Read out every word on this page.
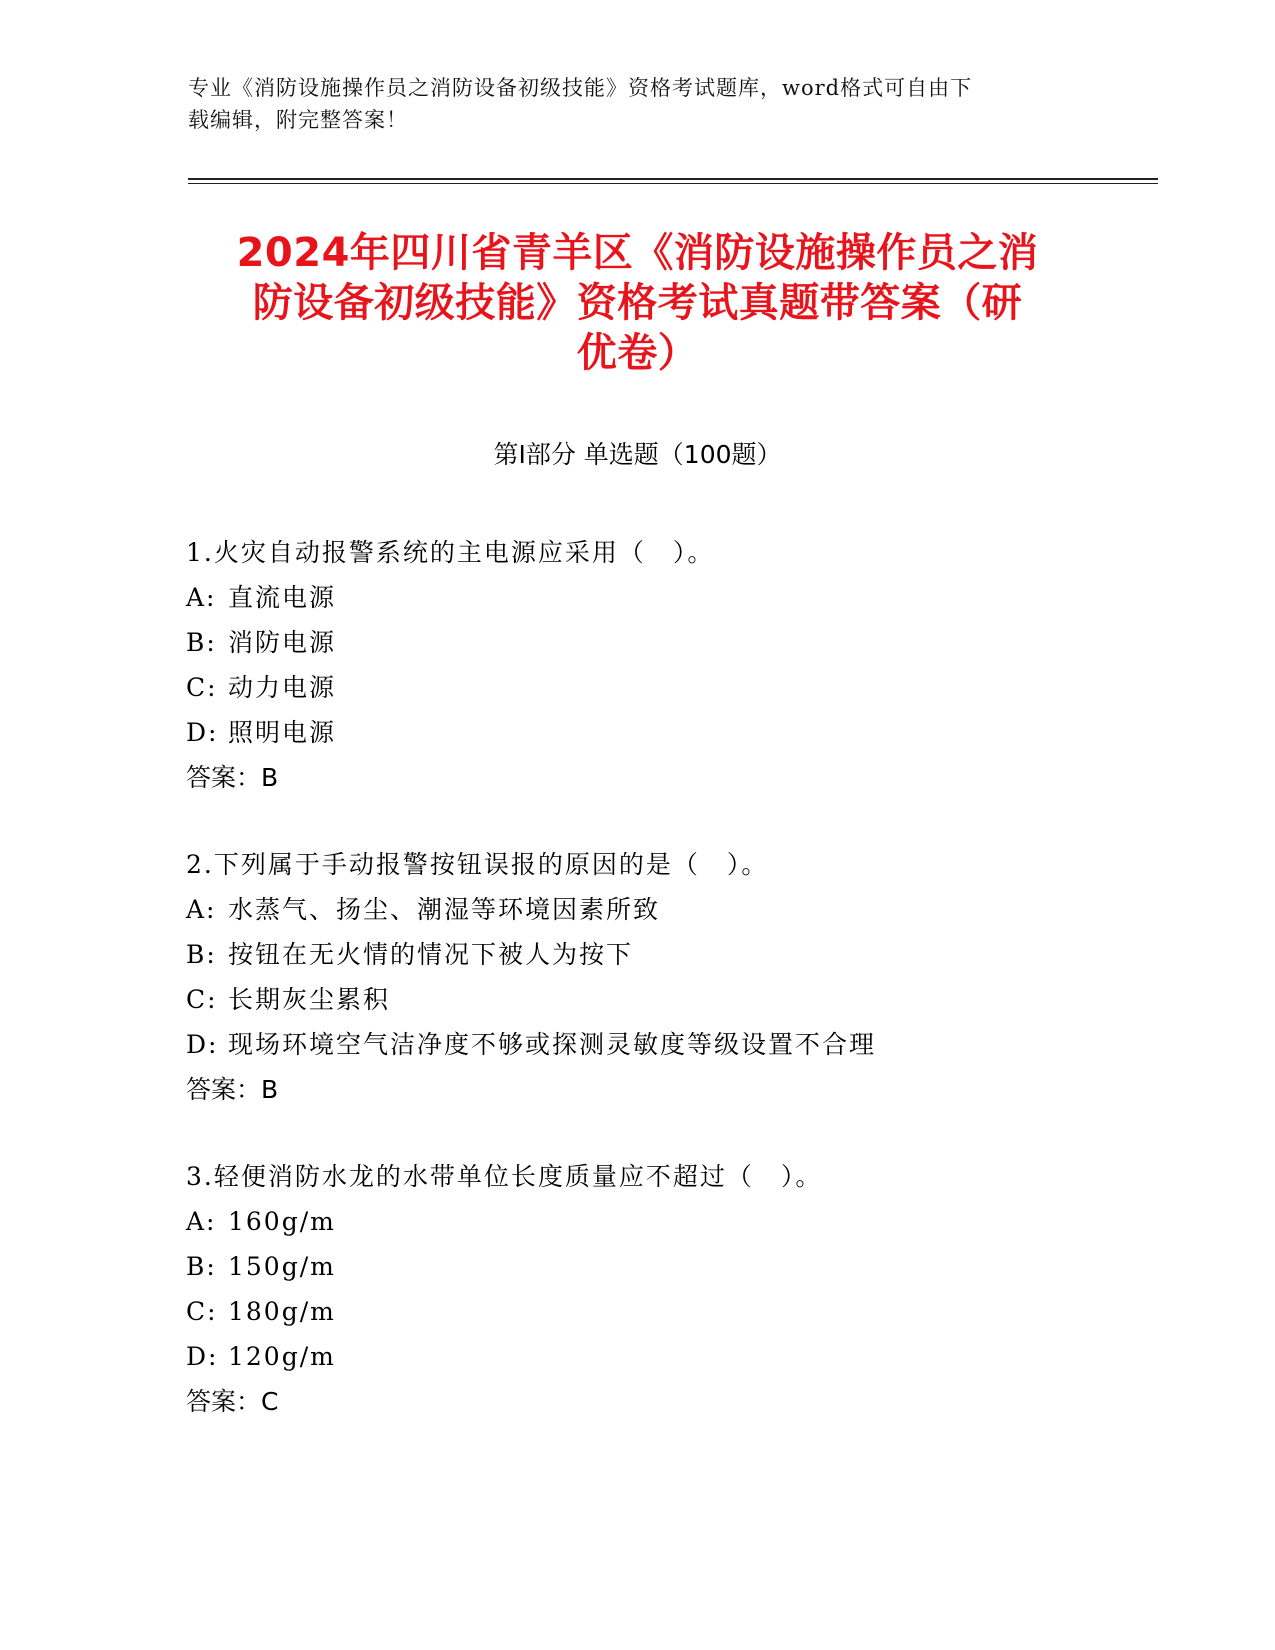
专业《消防设施操作员之消防设备初级技能》资格考试题库，word格式可自由下
载编辑，附完整答案！
2024年四川省青羊区《消防设施操作员之消
防设备初级技能》资格考试真题带答案（研
优卷）
第Ⅰ部分 单选题（100题）
1.火灾自动报警系统的主电源应采用（　）。
A: 直流电源
B: 消防电源
C: 动力电源
D: 照明电源
答案：B
2.下列属于手动报警按钮误报的原因的是（　）。
A: 水蒸气、扬尘、潮湿等环境因素所致
B: 按钮在无火情的情况下被人为按下
C: 长期灰尘累积
D: 现场环境空气洁净度不够或探测灵敏度等级设置不合理
答案：B
3.轻便消防水龙的水带单位长度质量应不超过（　）。
A: 160g/m
B: 150g/m
C: 180g/m
D: 120g/m
答案：C
